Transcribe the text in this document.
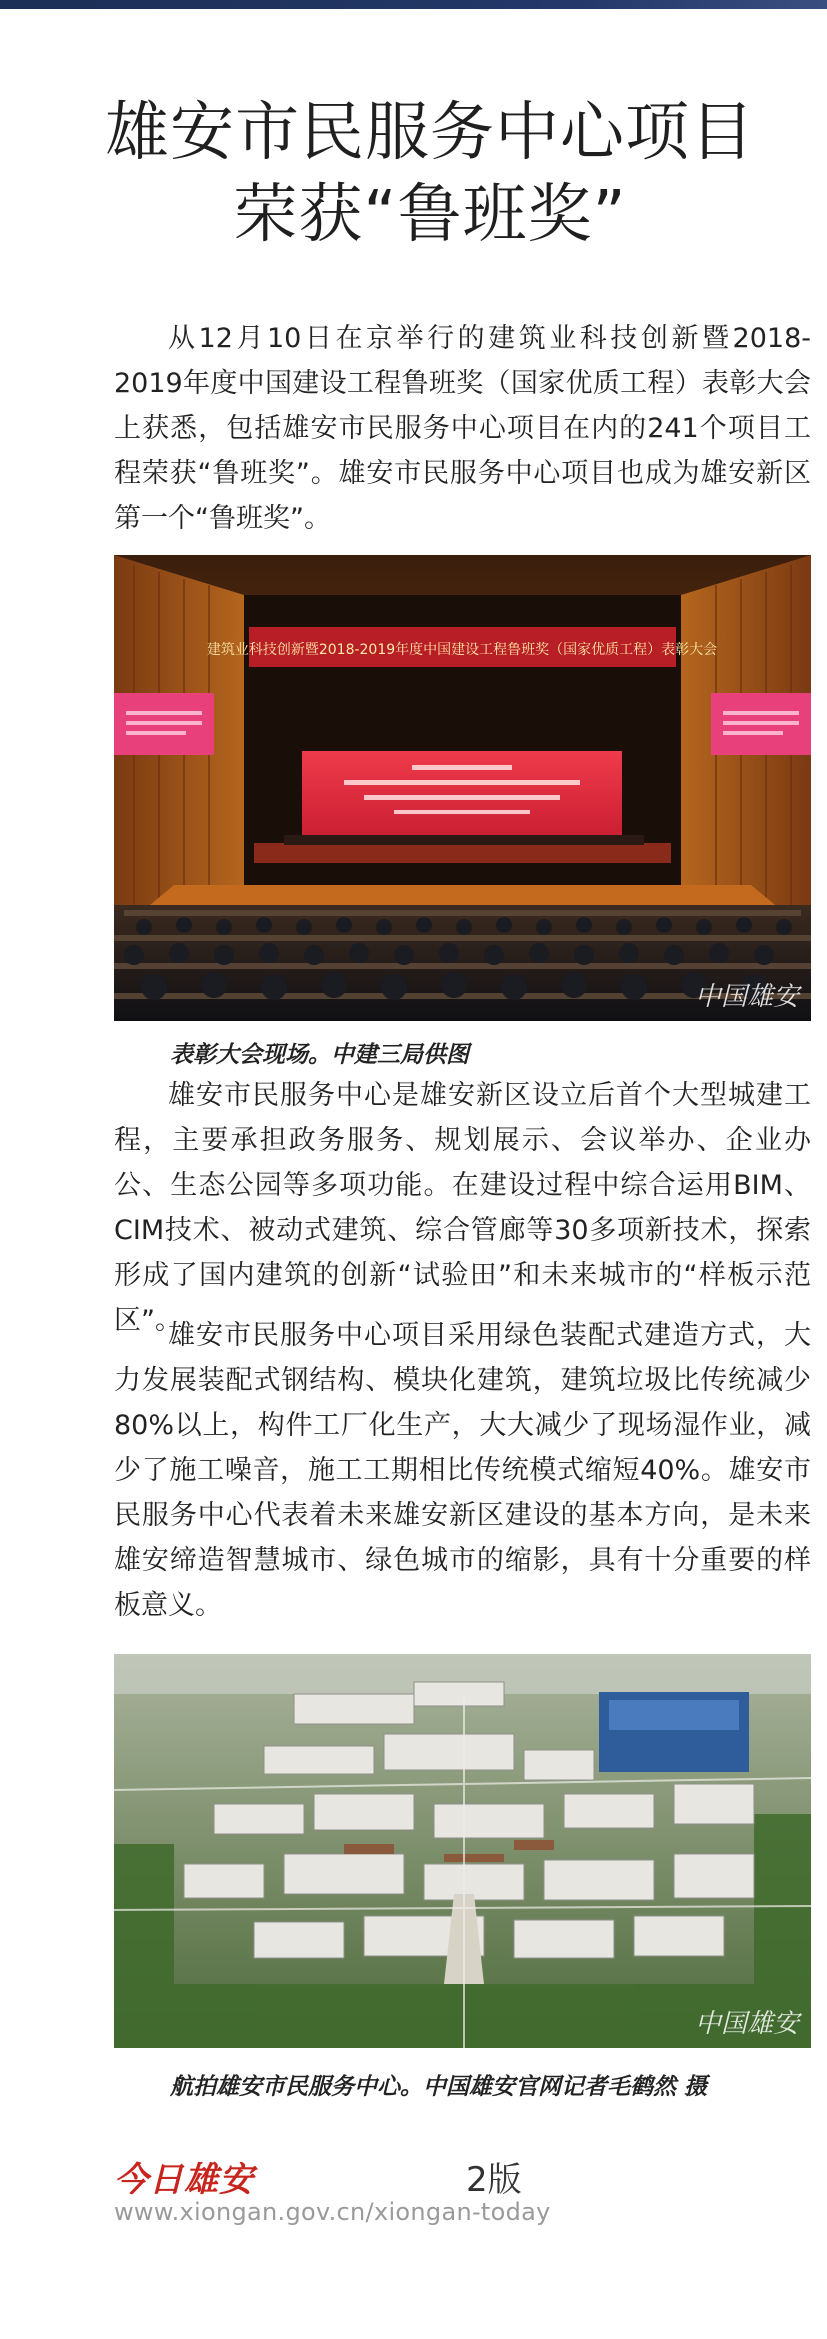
雄安市民服务中心项目
荣获“鲁班奖”

从12月10日在京举行的建筑业科技创新暨2018-2019年度中国建设工程鲁班奖（国家优质工程）表彰大会上获悉，包括雄安市民服务中心项目在内的241个项目工程荣获“鲁班奖”。雄安市民服务中心项目也成为雄安新区第一个“鲁班奖”。

建筑业科技创新暨2018-2019年度中国建设工程鲁班奖（国家优质工程）表彰大会
中国雄安

表彰大会现场。中建三局供图

雄安市民服务中心是雄安新区设立后首个大型城建工程，主要承担政务服务、规划展示、会议举办、企业办公、生态公园等多项功能。在建设过程中综合运用BIM、CIM技术、被动式建筑、综合管廊等30多项新技术，探索形成了国内建筑的创新“试验田”和未来城市的“样板示范区”。

雄安市民服务中心项目采用绿色装配式建造方式，大力发展装配式钢结构、模块化建筑，建筑垃圾比传统减少80%以上，构件工厂化生产，大大减少了现场湿作业，减少了施工噪音，施工工期相比传统模式缩短40%。雄安市民服务中心代表着未来雄安新区建设的基本方向，是未来雄安缔造智慧城市、绿色城市的缩影，具有十分重要的样板意义。

中国雄安

航拍雄安市民服务中心。中国雄安官网记者毛鹤然 摄

今日雄安	2版
www.xiongan.gov.cn/xiongan-today
